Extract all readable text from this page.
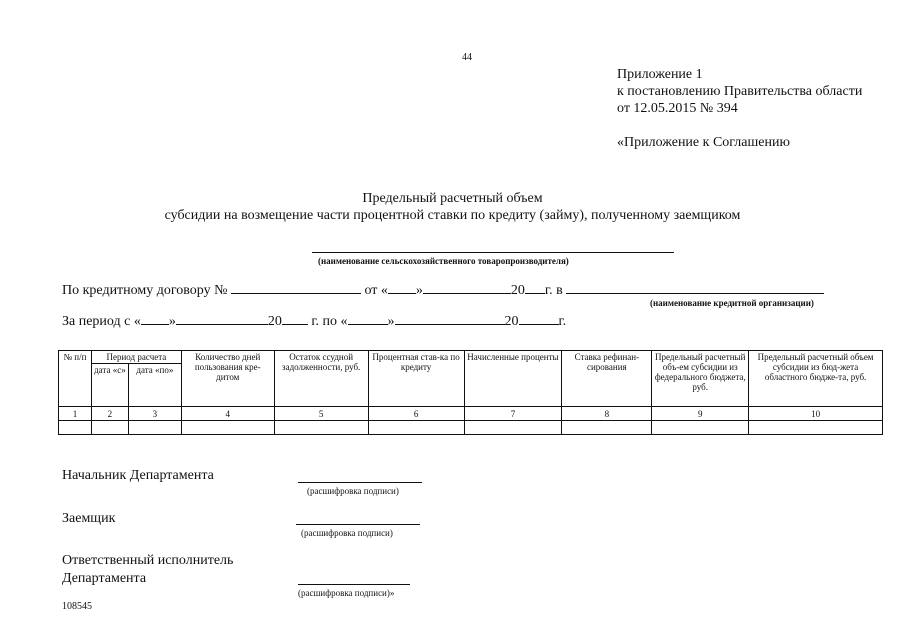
44
Приложение 1
к постановлению Правительства области
от 12.05.2015 № 394
«Приложение к Соглашению
Предельный расчетный объем
субсидии на возмещение части процентной ставки по кредиту (займу), полученному заемщиком
(наименование сельскохозяйственного товаропроизводителя)
По кредитному договору №	от « »	20 г. в
(наименование кредитной организации)
За период с « »	20 г. по «	»	20	г.
№ п/п	Период расчета		Количество дней пользования кре-дитом	Остаток ссудной задолженности, руб.	Процентная став-ка по кредиту	Начисленные проценты	Ставка рефинан-сирования	Предельный расчетный объ-ем субсидии из федерального бюджета, руб.	Предельный расчетный объем субсидии из бюд-жета областного бюдже-та, руб.
	дата «с»	дата «по»							
1	2	3	4	5	6	7	8	9	10

Начальник Департамента
(расшифровка подписи)
Заемщик
(расшифровка подписи)
Ответственный исполнитель
Департамента
(расшифровка подписи)»
108545
